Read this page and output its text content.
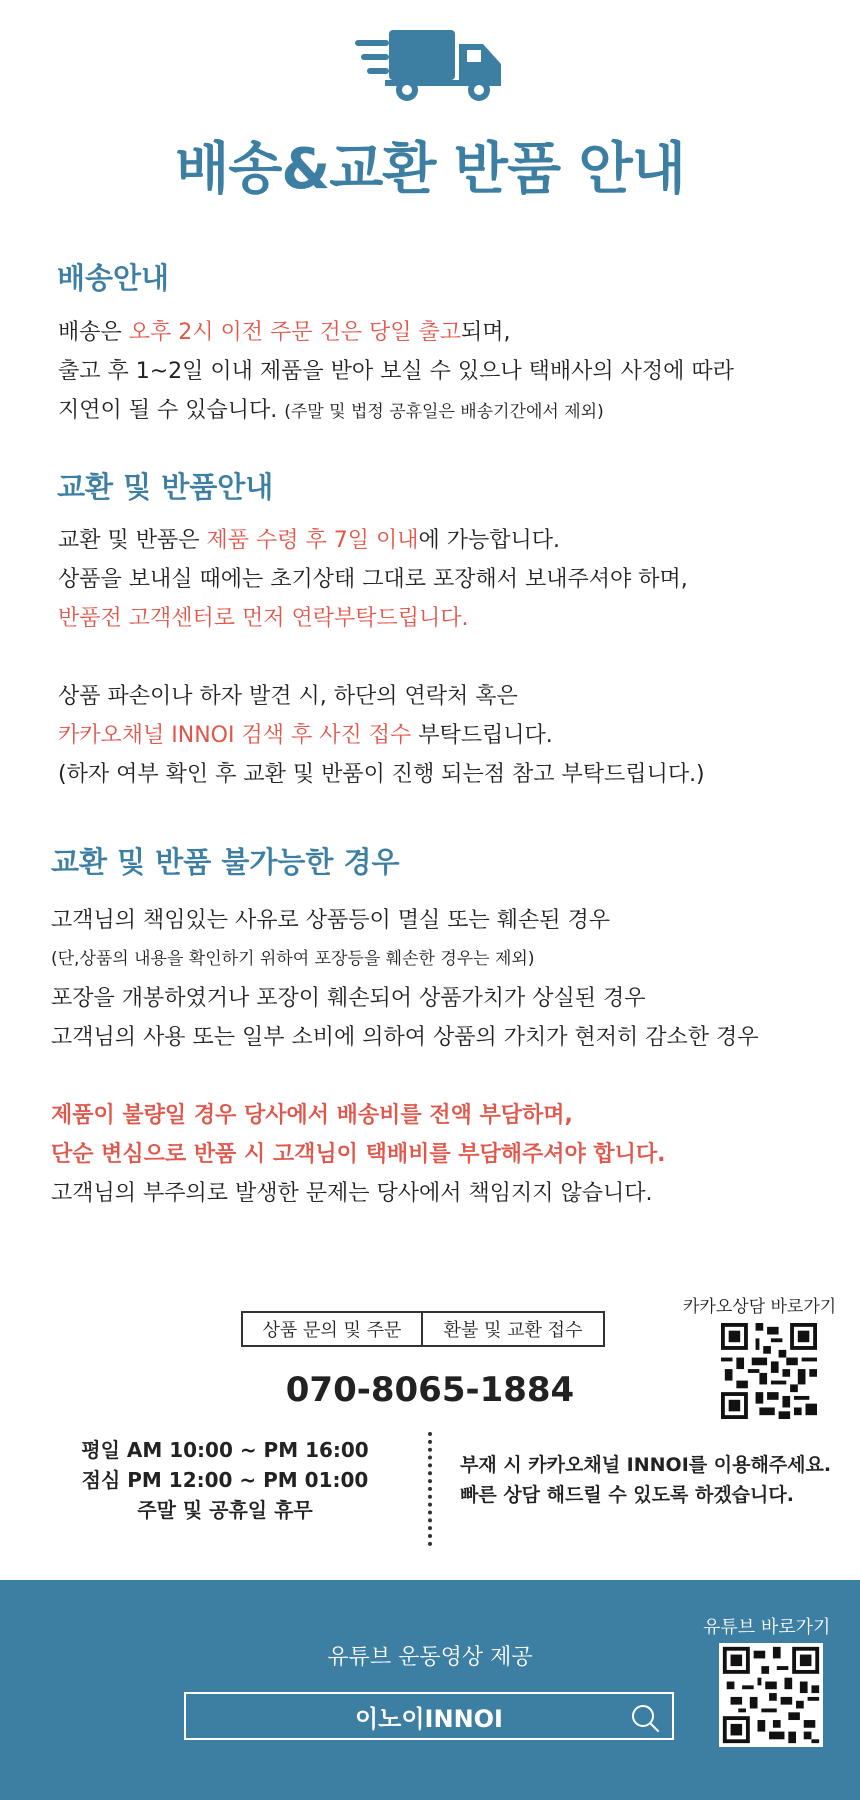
배송&교환 반품 안내
배송안내
배송은 오후 2시 이전 주문 건은 당일 출고되며,
출고 후 1~2일 이내 제품을 받아 보실 수 있으나 택배사의 사정에 따라
지연이 될 수 있습니다. (주말 및 법정 공휴일은 배송기간에서 제외)
교환 및 반품안내
교환 및 반품은 제품 수령 후 7일 이내에 가능합니다.
상품을 보내실 때에는 초기상태 그대로 포장해서 보내주셔야 하며,
반품전 고객센터로 먼저 연락부탁드립니다.

상품 파손이나 하자 발견 시, 하단의 연락처 혹은
카카오채널 INNOI 검색 후 사진 접수 부탁드립니다.
(하자 여부 확인 후 교환 및 반품이 진행 되는점 참고 부탁드립니다.)
교환 및 반품 불가능한 경우
고객님의 책임있는 사유로 상품등이 멸실 또는 훼손된 경우
(단,상품의 내용을 확인하기 위하여 포장등을 훼손한 경우는 제외)
포장을 개봉하였거나 포장이 훼손되어 상품가치가 상실된 경우
고객님의 사용 또는 일부 소비에 의하여 상품의 가치가 현저히 감소한 경우

제품이 불량일 경우 당사에서 배송비를 전액 부담하며,
단순 변심으로 반품 시 고객님이 택배비를 부담해주셔야 합니다.
고객님의 부주의로 발생한 문제는 당사에서 책임지지 않습니다.
카카오상담 바로가기
상품 문의 및 주문	환불 및 교환 접수
070-8065-1884
평일 AM 10:00 ~ PM 16:00
점심 PM 12:00 ~ PM 01:00
주말 및 공휴일 휴무
부재 시 카카오채널 INNOI를 이용해주세요.
빠른 상담 해드릴 수 있도록 하겠습니다.
유튜브 바로가기
유튜브 운동영상 제공
이노이INNOI
